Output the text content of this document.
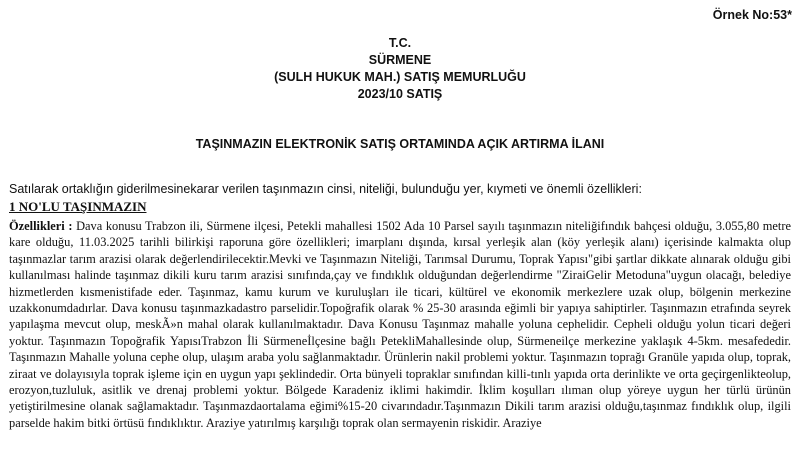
Örnek No:53*
T.C.
SÜRMENE
(SULH HUKUK MAH.) SATIŞ MEMURLUĞU
2023/10 SATIŞ
TAŞINMAZIN ELEKTRONİK SATIŞ ORTAMINDA AÇIK ARTIRMA İLANI
Satılarak ortaklığın giderilmesinekarar verilen taşınmazın cinsi, niteliği, bulunduğu yer, kıymeti ve önemli özellikleri:
1 NO'LU TAŞINMAZIN
Özellikleri : Dava konusu Trabzon ili, Sürmene ilçesi, Petekli mahallesi 1502 Ada 10 Parsel sayılı taşınmazın niteliğifındık bahçesi olduğu, 3.055,80 metre kare olduğu, 11.03.2025 tarihli bilirkişi raporuna göre özellikleri; imarplanı dışında, kırsal yerleşik alan (köy yerleşik alanı) içerisinde kalmakta olup taşınmazlar tarım arazisi olarak değerlendirilecektir.Mevki ve Taşınmazın Niteliği, Tarımsal Durumu, Toprak Yapısı"gibi şartlar dikkate alınarak olduğu gibi kullanılması halinde taşınmaz dikili kuru tarım arazisi sınıfında,çay ve fındıklık olduğundan değerlendirme "ZiraiGelir Metoduna"uygun olacağı, belediye hizmetlerden kısmenistifade eder. Taşınmaz, kamu kurum ve kuruluşları ile ticari, kültürel ve ekonomik merkezlere uzak olup, bölgenin merkezine uzakkonumdadırlar. Dava konusu taşınmazkadastro parselidir.Topoğrafik olarak % 25-30 arasında eğimli bir yapıya sahiptirler. Taşınmazın etrafında seyrek yapılaşma mevcut olup, meskÃ»n mahal olarak kullanılmaktadır. Dava Konusu Taşınmaz mahalle yoluna cephelidir. Cepheli olduğu yolun ticari değeri yoktur. Taşınmazın Topoğrafik YapısıTrabzon İli Sürmeneİlçesine bağlı PetekliMahallesinde olup, Sürmeneilçe merkezine yaklaşık 4-5km. mesafededir. Taşınmazın Mahalle yoluna cephe olup, ulaşım araba yolu sağlanmaktadır. Ürünlerin nakil problemi yoktur. Taşınmazın toprağı Granüle yapıda olup, toprak, ziraat ve dolayısıyla toprak işleme için en uygun yapı şeklindedir. Orta bünyeli topraklar sınıfından killi-tınlı yapıda orta derinlikte ve orta geçirgenlikteolup, erozyon,tuzluluk, asitlik ve drenaj problemi yoktur. Bölgede Karadeniz iklimi hakimdir. İklim koşulları ılıman olup yöreye uygun her türlü ürünün yetiştirilmesine olanak sağlamaktadır. Taşınmazdaortalama eğimi%15-20 civarındadır.Taşınmazın Dikili tarım arazisi olduğu,taşınmaz fındıklık olup, ilgili parselde hakim bitki örtüsü fındıklıktır. Araziye yatırılmış karşılığı toprak olan sermayenin riskidir. Araziye
